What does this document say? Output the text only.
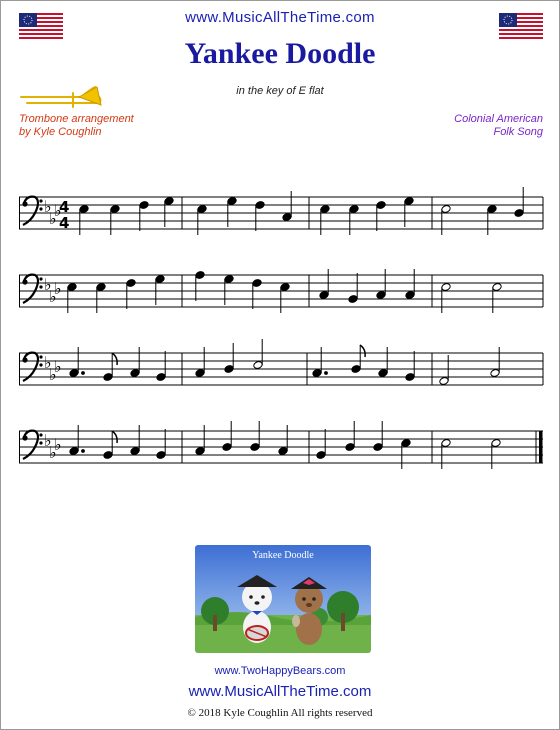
www.MusicAllTheTime.com
Yankee Doodle
in the key of E flat
Trombone arrangement
by Kyle Coughlin
Colonial American
Folk Song
♭
♭
♭
4
4
♭
♭
♭
♭
♭
♭
♭
♭
♭
Yankee Doodle
www.TwoHappyBears.com
www.MusicAllTheTime.com
© 2018 Kyle Coughlin All rights reserved
